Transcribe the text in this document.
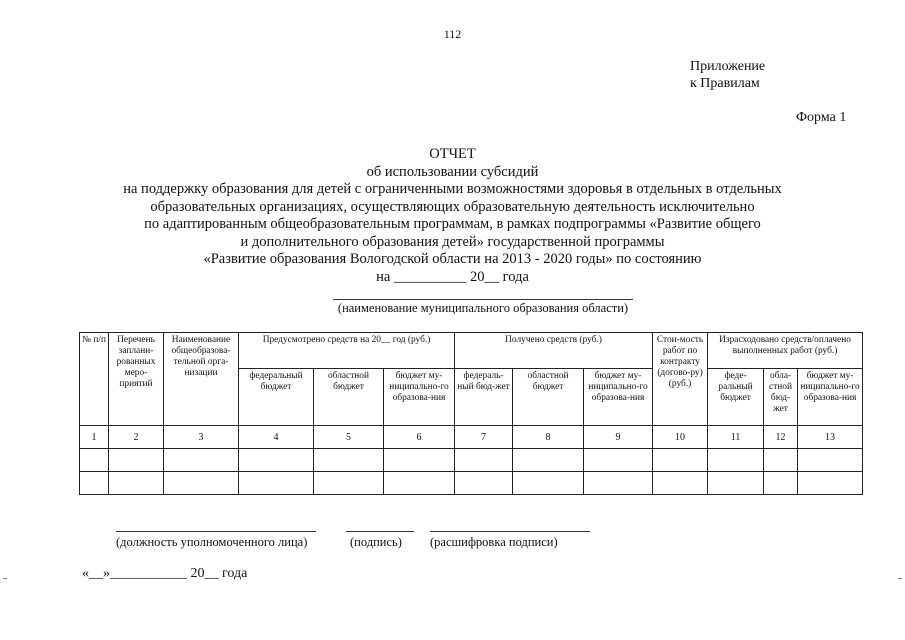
112
Приложение
к Правилам
Форма 1
ОТЧЕТ
об использовании субсидий
на поддержку образования для детей с ограниченными возможностями здоровья в отдельных в отдельных
образовательных организациях, осуществляющих образовательную деятельность исключительно
по адаптированным общеобразовательным программам, в рамках подпрограммы «Развитие общего
и дополнительного образования детей» государственной программы
«Развитие образования Вологодской области на 2013 - 2020 годы» по состоянию
на __________ 20__ года
(наименование муниципального образования области)
№ п/п	Перечень заплани-рованных меро-приятий	Наименование общеобразова-тельной орга-низации	Предусмотрено средств на 20__ год (руб.)			Получено средств (руб.)			Стои-мость работ по контракту (догово-ру) (руб.)	Израсходовано средств/оплачено выполненных работ (руб.)		
			федеральный бюджет	областной бюджет	бюджет му-ниципально-го образова-ния	федераль-ный бюд-жет	областной бюджет	бюджет му-ниципально-го образова-ния		феде-ральный бюджет	обла-стной бюд-жет	бюджет му-ниципально-го образова-ния
1	2	3	4	5	6	7	8	9	10	11	12	13

(должность уполномоченного лица)	(подпись) (расшифровка подписи)
«__»___________ 20__ года
